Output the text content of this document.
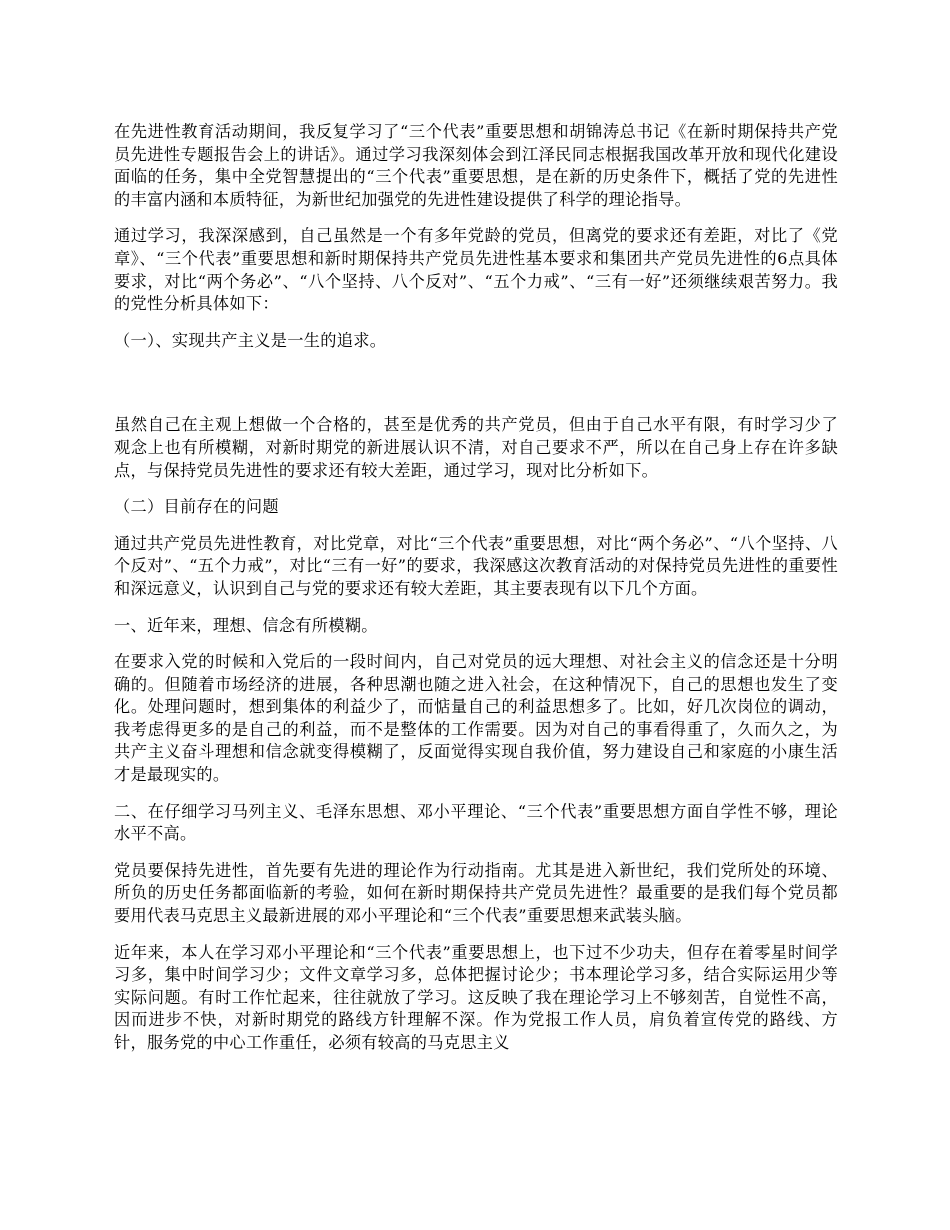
在先进性教育活动期间，我反复学习了“三个代表”重要思想和胡锦涛总书记《在新时期保持共产党员先进性专题报告会上的讲话》。通过学习我深刻体会到江泽民同志根据我国改革开放和现代化建设面临的任务，集中全党智慧提出的“三个代表”重要思想，是在新的历史条件下，概括了党的先进性的丰富内涵和本质特征，为新世纪加强党的先进性建设提供了科学的理论指导。

通过学习，我深深感到，自己虽然是一个有多年党龄的党员，但离党的要求还有差距，对比了《党章》、“三个代表”重要思想和新时期保持共产党员先进性基本要求和集团共产党员先进性的6点具体要求，对比“两个务必”、“八个坚持、八个反对”、“五个力戒”、“三有一好”还须继续艰苦努力。我的党性分析具体如下：

（一）、实现共产主义是一生的追求。

虽然自己在主观上想做一个合格的，甚至是优秀的共产党员，但由于自己水平有限，有时学习少了观念上也有所模糊，对新时期党的新进展认识不清，对自己要求不严，所以在自己身上存在许多缺点，与保持党员先进性的要求还有较大差距，通过学习，现对比分析如下。

（二）目前存在的问题

通过共产党员先进性教育，对比党章，对比“三个代表”重要思想，对比“两个务必”、“八个坚持、八个反对”、“五个力戒”，对比“三有一好”的要求，我深感这次教育活动的对保持党员先进性的重要性和深远意义，认识到自己与党的要求还有较大差距，其主要表现有以下几个方面。

一、近年来，理想、信念有所模糊。

在要求入党的时候和入党后的一段时间内，自己对党员的远大理想、对社会主义的信念还是十分明确的。但随着市场经济的进展，各种思潮也随之进入社会，在这种情况下，自己的思想也发生了变化。处理问题时，想到集体的利益少了，而惦量自己的利益思想多了。比如，好几次岗位的调动，我考虑得更多的是自己的利益，而不是整体的工作需要。因为对自己的事看得重了，久而久之，为共产主义奋斗理想和信念就变得模糊了，反面觉得实现自我价值，努力建设自己和家庭的小康生活才是最现实的。

二、在仔细学习马列主义、毛泽东思想、邓小平理论、“三个代表”重要思想方面自学性不够，理论水平不高。

党员要保持先进性，首先要有先进的理论作为行动指南。尤其是进入新世纪，我们党所处的环境、所负的历史任务都面临新的考验，如何在新时期保持共产党员先进性？最重要的是我们每个党员都要用代表马克思主义最新进展的邓小平理论和“三个代表”重要思想来武装头脑。

近年来，本人在学习邓小平理论和“三个代表”重要思想上，也下过不少功夫，但存在着零星时间学习多，集中时间学习少；文件文章学习多，总体把握讨论少；书本理论学习多，结合实际运用少等实际问题。有时工作忙起来，往往就放了学习。这反映了我在理论学习上不够刻苦，自觉性不高，因而进步不快，对新时期党的路线方针理解不深。作为党报工作人员，肩负着宣传党的路线、方针，服务党的中心工作重任，必须有较高的马克思主义
